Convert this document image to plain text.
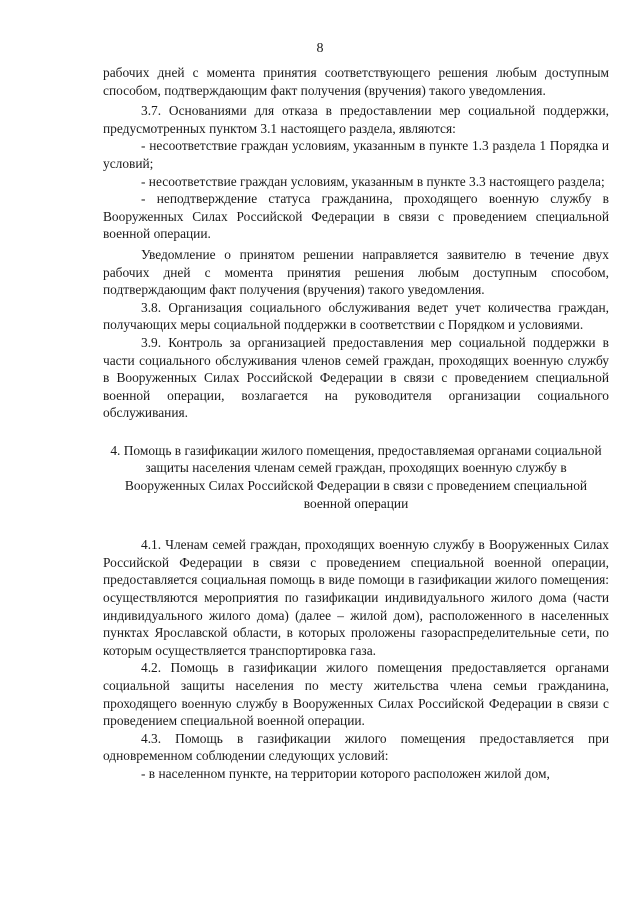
8

рабочих дней с момента принятия соответствующего решения любым доступным способом, подтверждающим факт получения (вручения) такого уведомления.

3.7. Основаниями для отказа в предоставлении мер социальной поддержки, предусмотренных пунктом 3.1 настоящего раздела, являются:

- несоответствие граждан условиям, указанным в пункте 1.3 раздела 1 Порядка и условий;

- несоответствие граждан условиям, указанным в пункте 3.3 настоящего раздела;

- неподтверждение статуса гражданина, проходящего военную службу в Вооруженных Силах Российской Федерации в связи с проведением специальной военной операции.

Уведомление о принятом решении направляется заявителю в течение двух рабочих дней с момента принятия решения любым доступным способом, подтверждающим факт получения (вручения) такого уведомления.

3.8. Организация социального обслуживания ведет учет количества граждан, получающих меры социальной поддержки в соответствии с Порядком и условиями.

3.9. Контроль за организацией предоставления мер социальной поддержки в части социального обслуживания членов семей граждан, проходящих военную службу в Вооруженных Силах Российской Федерации в связи с проведением специальной военной операции, возлагается на руководителя организации социального обслуживания.

4. Помощь в газификации жилого помещения, предоставляемая органами социальной защиты населения членам семей граждан, проходящих военную службу в Вооруженных Силах Российской Федерации в связи с проведением специальной военной операции

4.1. Членам семей граждан, проходящих военную службу в Вооруженных Силах Российской Федерации в связи с проведением специальной военной операции, предоставляется социальная помощь в виде помощи в газификации жилого помещения: осуществляются мероприятия по газификации индивидуального жилого дома (части индивидуального жилого дома) (далее – жилой дом), расположенного в населенных пунктах Ярославской области, в которых проложены газораспределительные сети, по которым осуществляется транспортировка газа.

4.2. Помощь в газификации жилого помещения предоставляется органами социальной защиты населения по месту жительства члена семьи гражданина, проходящего военную службу в Вооруженных Силах Российской Федерации в связи с проведением специальной военной операции.

4.3. Помощь в газификации жилого помещения предоставляется при одновременном соблюдении следующих условий:

- в населенном пункте, на территории которого расположен жилой дом,
